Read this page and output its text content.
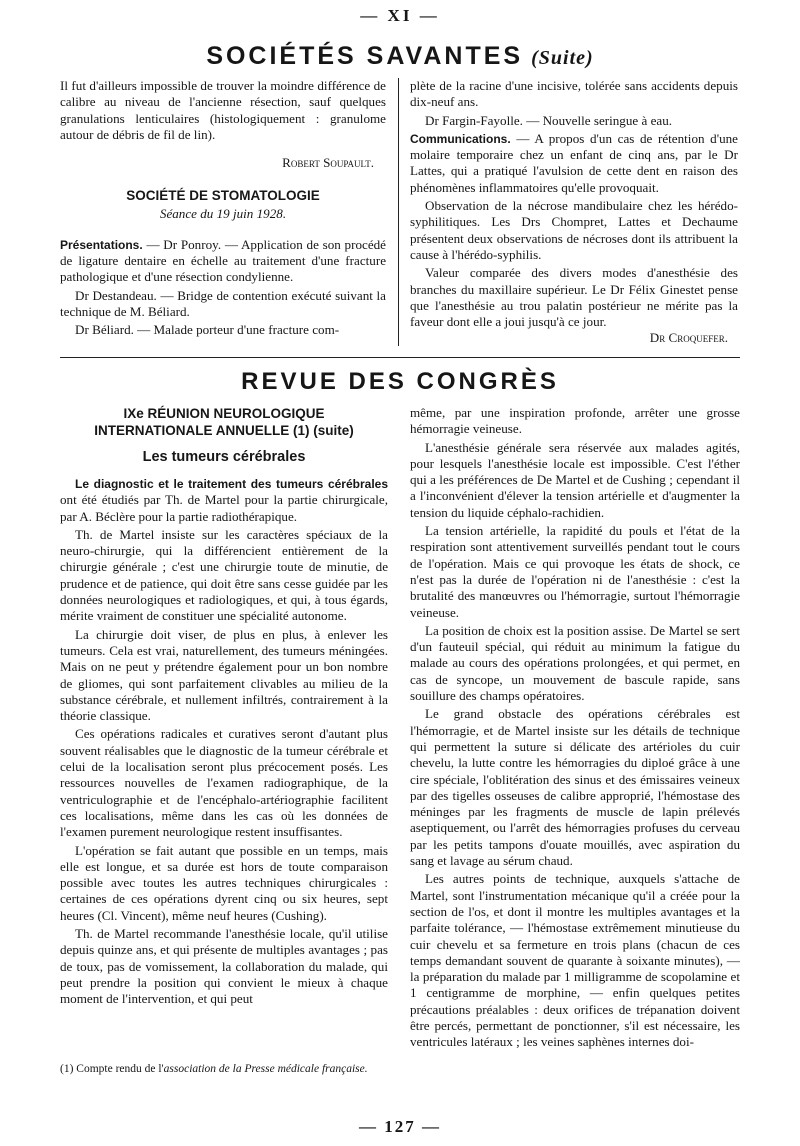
— XI —
SOCIÉTÉS SAVANTES (Suite)

Il fut d'ailleurs impossible de trouver la moindre différence de calibre au niveau de l'ancienne résection, sauf quelques granulations lenticulaires (histologiquement : granulome autour de débris de fil de lin).

Robert Soupault.
SOCIÉTÉ DE STOMATOLOGIE
Séance du 19 juin 1928.

Présentations. — Dr Ponroy. — Application de son procédé de ligature dentaire en échelle au traitement d'une fracture pathologique et d'une résection condylienne.

Dr Destandeau. — Bridge de contention exécuté suivant la technique de M. Béliard.

Dr Béliard. — Malade porteur d'une fracture com-

plète de la racine d'une incisive, tolérée sans accidents depuis dix-neuf ans.

Dr Fargin-Fayolle. — Nouvelle seringue à eau.

Communications. — A propos d'un cas de rétention d'une molaire temporaire chez un enfant de cinq ans, par le Dr Lattes, qui a pratiqué l'avulsion de cette dent en raison des phénomènes inflammatoires qu'elle provoquait.

Observation de la nécrose mandibulaire chez les hérédo-syphilitiques. Les Drs Chompret, Lattes et Dechaume présentent deux observations de nécroses dont ils attribuent la cause à l'hérédo-syphilis.

Valeur comparée des divers modes d'anesthésie des branches du maxillaire supérieur. Le Dr Félix Ginestet pense que l'anesthésie au trou palatin postérieur ne mérite pas la faveur dont elle a joui jusqu'à ce jour.

Dr Croquefer.
REVUE DES CONGRÈS
IXe RÉUNION NEUROLOGIQUE INTERNATIONALE ANNUELLE (1) (suite)
Les tumeurs cérébrales

Le diagnostic et le traitement des tumeurs cérébrales ont été étudiés par Th. de Martel pour la partie chirurgicale, par A. Béclère pour la partie radiothérapique.

Th. de Martel insiste sur les caractères spéciaux de la neuro-chirurgie, qui la différencient entièrement de la chirurgie générale ; c'est une chirurgie toute de minutie, de prudence et de patience, qui doit être sans cesse guidée par les données neurologiques et radiologiques, et qui, à tous égards, mérite vraiment de constituer une spécialité autonome.

La chirurgie doit viser, de plus en plus, à enlever les tumeurs. Cela est vrai, naturellement, des tumeurs méningées. Mais on ne peut y prétendre également pour un bon nombre de gliomes, qui sont parfaitement clivables au milieu de la substance cérébrale, et nullement infiltrés, contrairement à la théorie classique.

Ces opérations radicales et curatives seront d'autant plus souvent réalisables que le diagnostic de la tumeur cérébrale et celui de la localisation seront plus précocement posés. Les ressources nouvelles de l'examen radiographique, de la ventriculographie et de l'encéphalo-artériographie facilitent ces localisations, même dans les cas où les données de l'examen purement neurologique restent insuffisantes.

L'opération se fait autant que possible en un temps, mais elle est longue, et sa durée est hors de toute comparaison possible avec toutes les autres techniques chirurgicales : certaines de ces opérations dyrent cinq ou six heures, sept heures (Cl. Vincent), même neuf heures (Cushing).

Th. de Martel recommande l'anesthésie locale, qu'il utilise depuis quinze ans, et qui présente de multiples avantages ; pas de toux, pas de vomissement, la collaboration du malade, qui peut prendre la position qui convient le mieux à chaque moment de l'intervention, et qui peut

(1) Compte rendu de l'association de la Presse médicale française.

même, par une inspiration profonde, arrêter une grosse hémorragie veineuse.

L'anesthésie générale sera réservée aux malades agités, pour lesquels l'anesthésie locale est impossible. C'est l'éther qui a les préférences de De Martel et de Cushing ; cependant il a l'inconvénient d'élever la tension artérielle et d'augmenter la tension du liquide céphalo-rachidien.

La tension artérielle, la rapidité du pouls et l'état de la respiration sont attentivement surveillés pendant tout le cours de l'opération. Mais ce qui provoque les états de shock, ce n'est pas la durée de l'opération ni de l'anesthésie : c'est la brutalité des manœuvres ou l'hémorragie, surtout l'hémorragie veineuse.

La position de choix est la position assise. De Martel se sert d'un fauteuil spécial, qui réduit au minimum la fatigue du malade au cours des opérations prolongées, et qui permet, en cas de syncope, un mouvement de bascule rapide, sans souillure des champs opératoires.

Le grand obstacle des opérations cérébrales est l'hémorragie, et de Martel insiste sur les détails de technique qui permettent la suture si délicate des artérioles du cuir chevelu, la lutte contre les hémorragies du diploé grâce à une cire spéciale, l'oblitération des sinus et des émissaires veineux par des tigelles osseuses de calibre approprié, l'hémostase des méninges par les fragments de muscle de lapin prélevés aseptiquement, ou l'arrêt des hémorragies profuses du cerveau par les petits tampons d'ouate mouillés, avec aspiration du sang et lavage au sérum chaud.

Les autres points de technique, auxquels s'attache de Martel, sont l'instrumentation mécanique qu'il a créée pour la section de l'os, et dont il montre les multiples avantages et la parfaite tolérance, — l'hémostase extrêmement minutieuse du cuir chevelu et sa fermeture en trois plans (chacun de ces temps demandant souvent de quarante à soixante minutes), — la préparation du malade par 1 milligramme de scopolamine et 1 centigramme de morphine, — enfin quelques petites précautions préalables : deux orifices de trépanation doivent être percés, permettant de ponctionner, s'il est nécessaire, les ventricules latéraux ; les veines saphènes internes doi-

— 127 —
